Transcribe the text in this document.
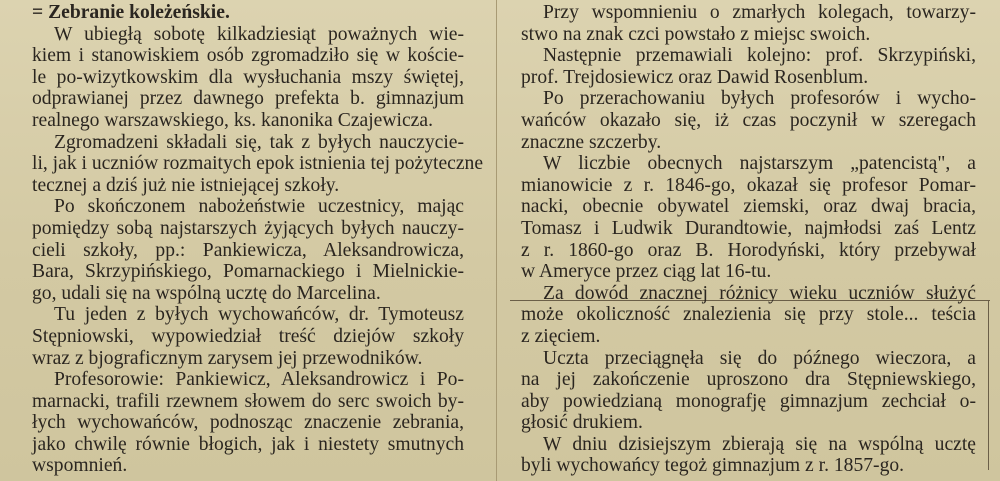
= Zebranie koleżeńskie.

W ubiegłą sobotę kilkadziesiąt poważnych wie-
kiem i stanowiskiem osób zgromadziło się w koście-
le po-wizytkowskim dla wysłuchania mszy świętej,
odprawianej przez dawnego prefekta b. gimnazjum
realnego warszawskiego, ks. kanonika Czajewicza.

Zgromadzeni składali się, tak z byłych nauczycie-
li, jak i uczniów rozmaitych epok istnienia tej pożyteczne
tecznej a dziś już nie istniejącej szkoły.

Po skończonem nabożeństwie uczestnicy, mając
pomiędzy sobą najstarszych żyjących byłych nauczy-
cieli szkoły, pp.: Pankiewicza, Aleksandrowicza,
Bara, Skrzypińskiego, Pomarnackiego i Mielnickie-
go, udali się na wspólną ucztę do Marcelina.

Tu jeden z byłych wychowańców, dr. Tymoteusz
Stępniowski, wypowiedział treść dziejów szkoły
wraz z bjograficznym zarysem jej przewodników.

Profesorowie: Pankiewicz, Aleksandrowicz i Po-
marnacki, trafili rzewnem słowem do serc swoich by-
łych wychowańców, podnosząc znaczenie zebrania,
jako chwilę równie błogich, jak i niestety smutnych
wspomnień.

Przy wspomnieniu o zmarłych kolegach, towarzy-
stwo na znak czci powstało z miejsc swoich.

Następnie przemawiali kolejno: prof. Skrzypiński,
prof. Trejdosiewicz oraz Dawid Rosenblum.

Po przerachowaniu byłych profesorów i wycho-
wańców okazało się, iż czas poczynił w szeregach
znaczne szczerby.

W liczbie obecnych najstarszym „patencistą", a
mianowicie z r. 1846-go, okazał się profesor Pomar-
nacki, obecnie obywatel ziemski, oraz dwaj bracia,
Tomasz i Ludwik Durandtowie, najmłodsi zaś Lentz
z r. 1860-go oraz B. Horodyński, który przebywał
w Ameryce przez ciąg lat 16-tu.

Za dowód znacznej różnicy wieku uczniów służyć
może okoliczność znalezienia się przy stole... teścia
z zięciem.

Uczta przeciągnęła się do późnego wieczora, a
na jej zakończenie uproszono dra Stępniewskiego,
aby powiedzianą monografję gimnazjum zechciał o-
głosić drukiem.

W dniu dzisiejszym zbierają się na wspólną ucztę
byli wychowańcy tegoż gimnazjum z r. 1857-go.
